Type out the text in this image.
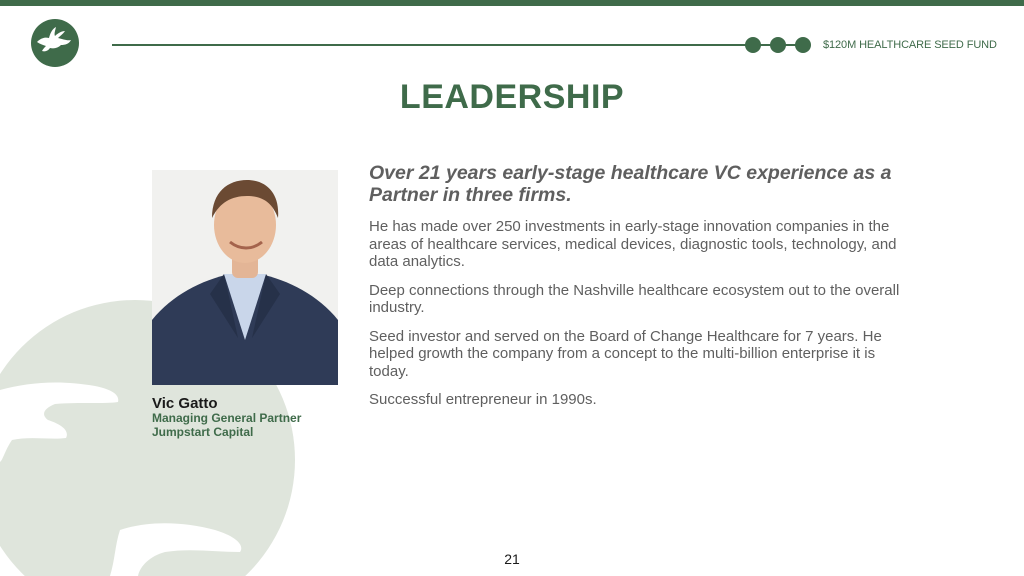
$120M HEALTHCARE SEED FUND
LEADERSHIP
Vic Gatto
Managing General Partner
Jumpstart Capital

Over 21 years early-stage healthcare VC experience as a Partner in three firms.

He has made over 250 investments in early-stage innovation companies in the areas of healthcare services, medical devices, diagnostic tools, technology, and data analytics.

Deep connections through the Nashville healthcare ecosystem out to the overall industry.

Seed investor and served on the Board of Change Healthcare for 7 years. He helped growth the company from a concept to the multi-billion enterprise it is today.

Successful entrepreneur in 1990s.

21
